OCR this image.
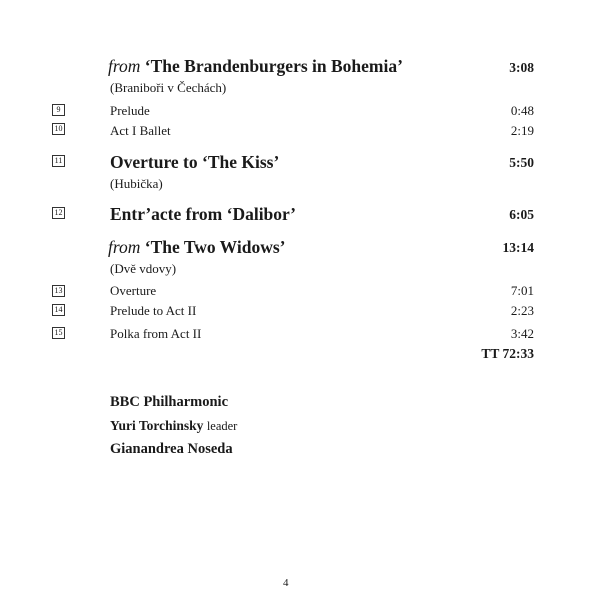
from ‘The Brandenburgers in Bohemia’	3:08
(Braniboři v Čechách)
9	Prelude	0:48
10	Act I Ballet	2:19
11	Overture to ‘The Kiss’	5:50
(Hubička)
12	Entr’acte from ‘Dalibor’	6:05
from ‘The Two Widows’	13:14
(Dvě vdovy)
13	Overture	7:01
14	Prelude to Act II	2:23
15	Polka from Act II	3:42
TT 72:33
BBC Philharmonic
Yuri Torchinsky leader
Gianandrea Noseda
4
